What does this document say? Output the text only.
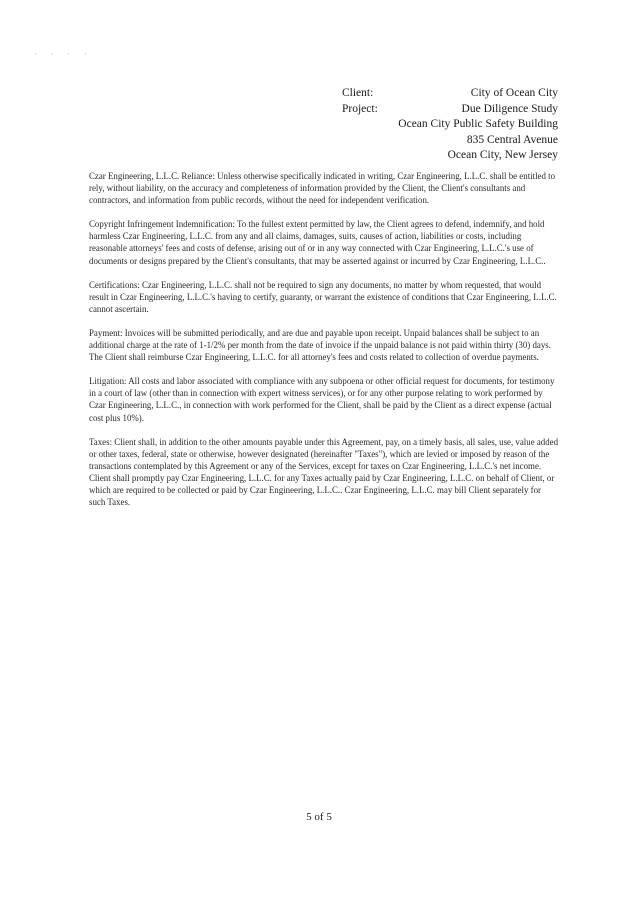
· · · ·
Client:	City of Ocean City
Project:	Due Diligence Study
Ocean City Public Safety Building
835 Central Avenue
Ocean City, New Jersey

Czar Engineering, L.L.C. Reliance: Unless otherwise specifically indicated in writing, Czar Engineering, L.L.C. shall be entitled to rely, without liability, on the accuracy and completeness of information provided by the Client, the Client's consultants and contractors, and information from public records, without the need for independent verification.

Copyright Infringement Indemnification: To the fullest extent permitted by law, the Client agrees to defend, indemnify, and hold harmless Czar Engineering, L.L.C. from any and all claims, damages, suits, causes of action, liabilities or costs, including reasonable attorneys' fees and costs of defense, arising out of or in any way connected with Czar Engineering, L.L.C.'s use of documents or designs prepared by the Client's consultants, that may be asserted against or incurred by Czar Engineering, L.L.C..

Certifications: Czar Engineering, L.L.C. shall not be required to sign any documents, no matter by whom requested, that would result in Czar Engineering, L.L.C.'s having to certify, guaranty, or warrant the existence of conditions that Czar Engineering, L.L.C. cannot ascertain.

Payment: Invoices will be submitted periodically, and are due and payable upon receipt. Unpaid balances shall be subject to an additional charge at the rate of 1-1/2% per month from the date of invoice if the unpaid balance is not paid within thirty (30) days. The Client shall reimburse Czar Engineering, L.L.C. for all attorney's fees and costs related to collection of overdue payments.

Litigation: All costs and labor associated with compliance with any subpoena or other official request for documents, for testimony in a court of law (other than in connection with expert witness services), or for any other purpose relating to work performed by Czar Engineering, L.L.C., in connection with work performed for the Client, shall be paid by the Client as a direct expense (actual cost plus 10%).

Taxes: Client shall, in addition to the other amounts payable under this Agreement, pay, on a timely basis, all sales, use, value added or other taxes, federal, state or otherwise, however designated (hereinafter "Taxes"), which are levied or imposed by reason of the transactions contemplated by this Agreement or any of the Services, except for taxes on Czar Engineering, L.L.C.'s net income. Client shall promptly pay Czar Engineering, L.L.C. for any Taxes actually paid by Czar Engineering, L.L.C. on behalf of Client, or which are required to be collected or paid by Czar Engineering, L.L.C.. Czar Engineering, L.L.C. may bill Client separately for such Taxes.

5 of 5
